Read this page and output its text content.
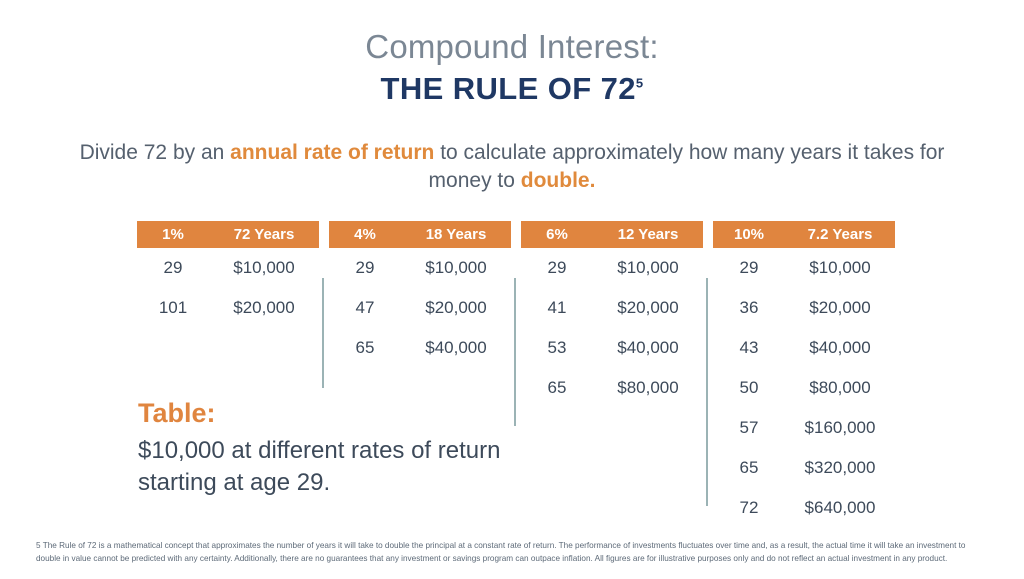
Compound Interest:
THE RULE OF $72^5$
Divide 72 by an annual rate of return to calculate approximately how many years it takes for money to double.
1%	72 Years
29	$10,000
101	$20,000
4%	18 Years
29	$10,000
47	$20,000
65	$40,000
6%	12 Years
29	$10,000
41	$20,000
53	$40,000
65	$80,000
10%	7.2 Years
29	$10,000
36	$20,000
43	$40,000
50	$80,000
57	$160,000
65	$320,000
72	$640,000
Table:
$10,000 at different rates of return starting at age 29.
5 The Rule of 72 is a mathematical concept that approximates the number of years it will take to double the principal at a constant rate of return. The performance of investments fluctuates over time and, as a result, the actual time it will take an investment to double in value cannot be predicted with any certainty. Additionally, there are no guarantees that any investment or savings program can outpace inflation. All figures are for illustrative purposes only and do not reflect an actual investment in any product.
